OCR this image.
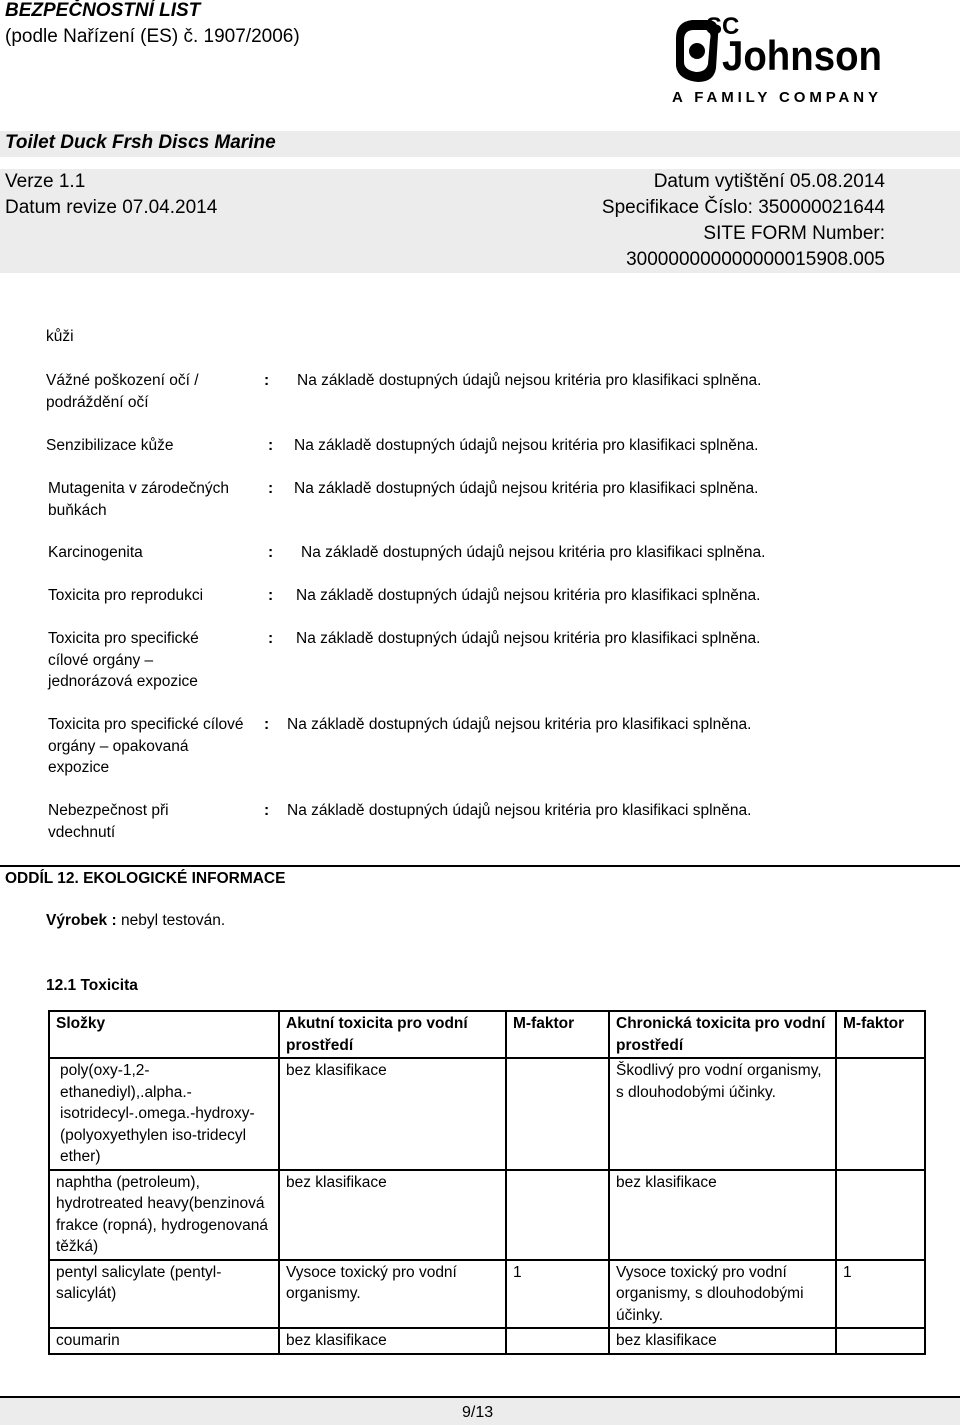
BEZPEČNOSTNÍ LIST
(podle Nařízení (ES) č. 1907/2006)	SC
Johnson
A FAMILY COMPANY
Toilet Duck Frsh Discs Marine
Verze 1.1
Datum revize 07.04.2014
Datum vytištění 05.08.2014
Specifikace Číslo: 350000021644
SITE FORM Number:
300000000000000015908.005
kůži
Vážné poškození očí / podráždění očí
: Na základě dostupných údajů nejsou kritéria pro klasifikaci splněna.
Senzibilizace kůže	: Na základě dostupných údajů nejsou kritéria pro klasifikaci splněna.
Mutagenita v zárodečných buňkách
: Na základě dostupných údajů nejsou kritéria pro klasifikaci splněna.
Karcinogenita	: Na základě dostupných údajů nejsou kritéria pro klasifikaci splněna.
Toxicita pro reprodukci	: Na základě dostupných údajů nejsou kritéria pro klasifikaci splněna.
Toxicita pro specifické cílové orgány – jednorázová expozice
: Na základě dostupných údajů nejsou kritéria pro klasifikaci splněna.
Toxicita pro specifické cílové orgány – opakovaná expozice
: Na základě dostupných údajů nejsou kritéria pro klasifikaci splněna.
Nebezpečnost při vdechnutí
: Na základě dostupných údajů nejsou kritéria pro klasifikaci splněna.
ODDÍL 12. EKOLOGICKÉ INFORMACE
Výrobek : nebyl testován.
12.1 Toxicita
Složky	Akutní toxicita pro vodní prostředí	M-faktor	Chronická toxicita pro vodní prostředí	M-faktor

poly(oxy-1,2-ethanediyl),.alpha.-isotridecyl-.omega.-hydroxy-(polyoxyethylen iso-tridecyl ether)	bez klasifikace		Škodlivý pro vodní organismy, s dlouhodobými účinky.	
naphtha (petroleum), hydrotreated heavy(benzinová frakce (ropná), hydrogenovaná těžká)	bez klasifikace		bez klasifikace	
pentyl salicylate (pentyl-salicylát)	Vysoce toxický pro vodní organismy.	1	Vysoce toxický pro vodní organismy, s dlouhodobými účinky.	1
coumarin	bez klasifikace		bez klasifikace	
9/13
